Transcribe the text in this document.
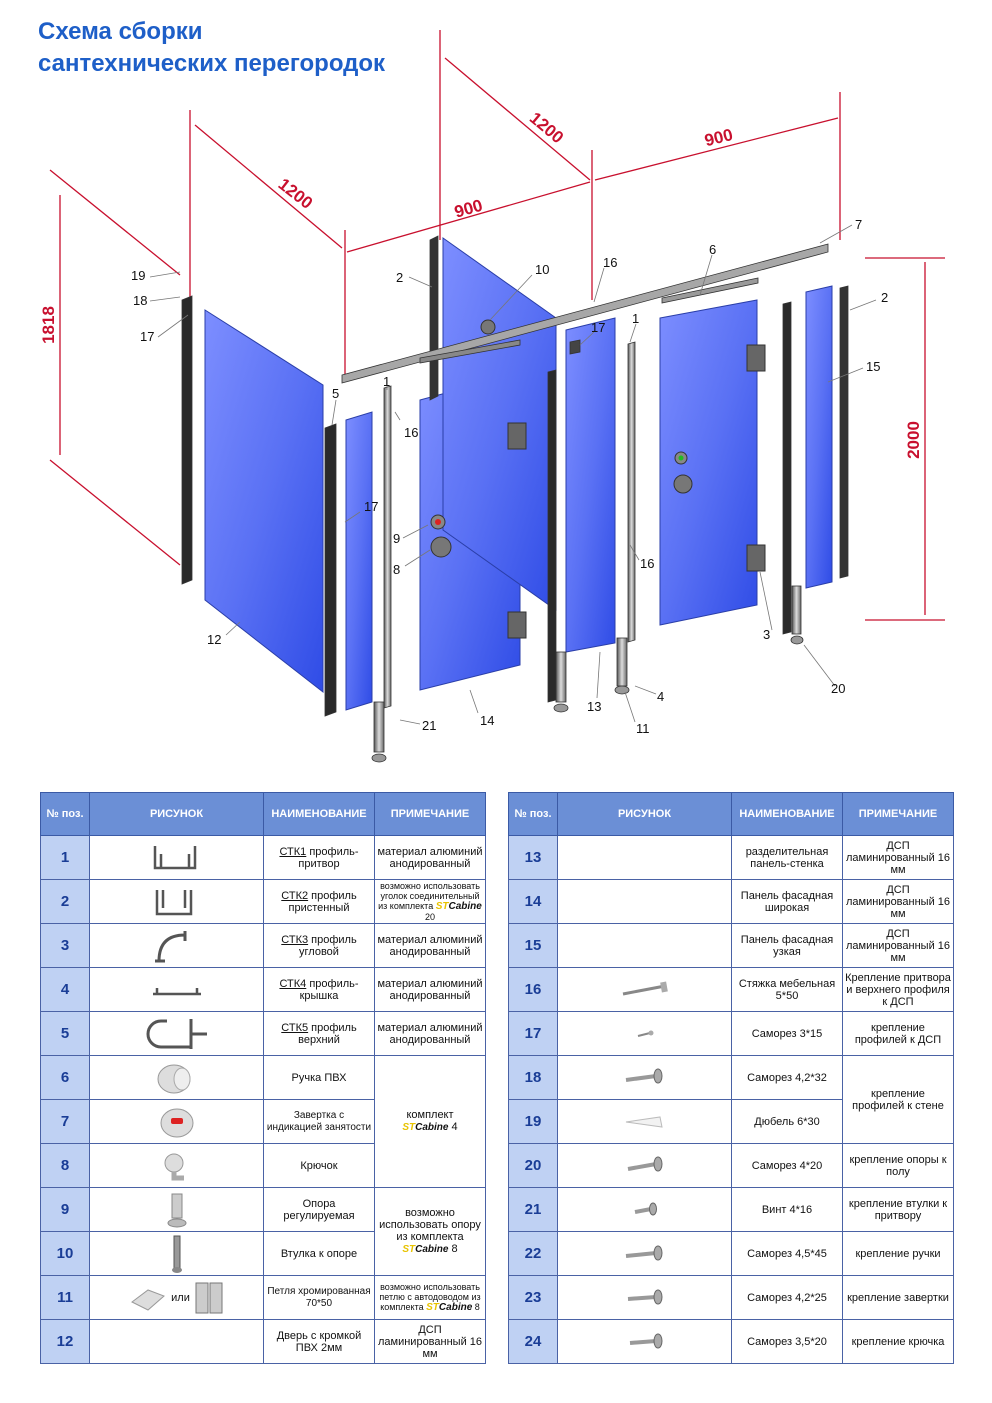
Схема сборки
сантехнических перегородок
1818
1200	900
1200	900
2000
19
18
17
12
5
1
16
17
2
10
9
8
21	14
16
17
1
6
7
2
15
16
13
11
4
3
20
№ поз.	РИСУНОК	НАИМЕНОВАНИЕ	ПРИМЕЧАНИЕ
1		СТК1 профиль-притвор	материал алюминий анодированный
2		СТК2 профиль пристенный	возможно использовать уголок соединительный из комплекта STCabine 20
3		СТК3 профиль угловой	материал алюминий анодированный
4		СТК4 профиль-крышка	материал алюминий анодированный
5		СТК5 профиль верхний	материал алюминий анодированный
6		Ручка ПВХ	комплект
STCabine 4
7		Завертка с индикацией занятости	
8		Крючок	
9		Опора регулируемая	возможно использовать опору из комплекта
STCabine 8
10		Втулка к опоре	
11	или	Петля хромированная 70*50	возможно использовать петлю с автодоводом из комплекта STCabine 8
12		Дверь с кромкой ПВХ 2мм	ДСП ламинированный 16 мм
№ поз.	РИСУНОК	НАИМЕНОВАНИЕ	ПРИМЕЧАНИЕ
13		разделительная панель-стенка	ДСП ламинированный 16 мм
14		Панель фасадная широкая	ДСП ламинированный 16 мм
15		Панель фасадная узкая	ДСП ламинированный 16 мм
16		Стяжка мебельная 5*50	Крепление притвора и верхнего профиля к ДСП
17		Саморез 3*15	крепление профилей к ДСП
18		Саморез 4,2*32	крепление профилей к стене
19		Дюбель 6*30	
20		Саморез 4*20	крепление опоры к полу
21		Винт 4*16	крепление втулки к притвору
22		Саморез 4,5*45	крепление ручки
23		Саморез 4,2*25	крепление завертки
24		Саморез 3,5*20	крепление крючка
